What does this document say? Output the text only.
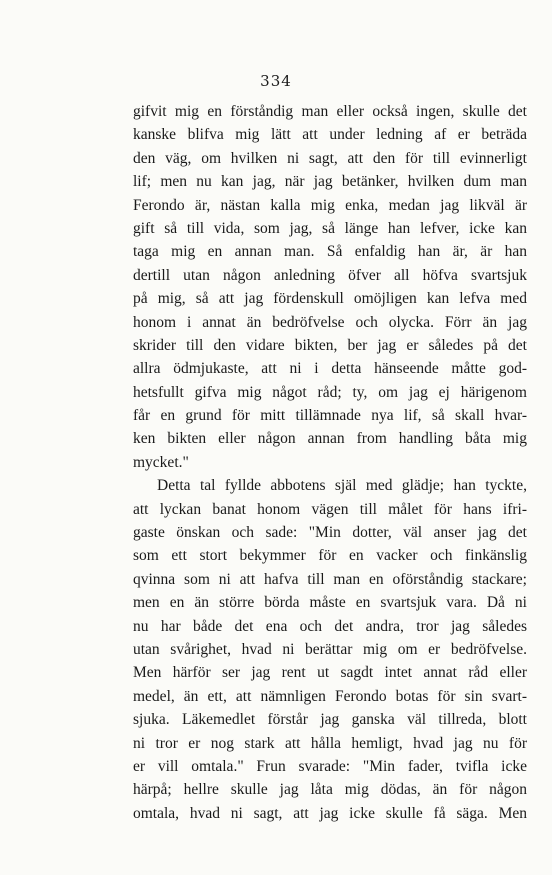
334
gifvit mig en förståndig man eller också ingen, skulle det
kanske blifva mig lätt att under ledning af er beträda
den väg, om hvilken ni sagt, att den för till evinnerligt
lif; men nu kan jag, när jag betänker, hvilken dum man
Ferondo är, nästan kalla mig enka, medan jag likväl är
gift så till vida, som jag, så länge han lefver, icke kan
taga mig en annan man. Så enfaldig han är, är han
dertill utan någon anledning öfver all höfva svartsjuk
på mig, så att jag fördenskull omöjligen kan lefva med
honom i annat än bedröfvelse och olycka. Förr än jag
skrider till den vidare bikten, ber jag er således på det
allra ödmjukaste, att ni i detta hänseende måtte god-
hetsfullt gifva mig något råd; ty, om jag ej härigenom
får en grund för mitt tillämnade nya lif, så skall hvar-
ken bikten eller någon annan from handling båta mig
mycket."
Detta tal fyllde abbotens själ med glädje; han tyckte,
att lyckan banat honom vägen till målet för hans ifri-
gaste önskan och sade: "Min dotter, väl anser jag det
som ett stort bekymmer för en vacker och finkänslig
qvinna som ni att hafva till man en oförståndig stackare;
men en än större börda måste en svartsjuk vara. Då ni
nu har både det ena och det andra, tror jag således
utan svårighet, hvad ni berättar mig om er bedröfvelse.
Men härför ser jag rent ut sagdt intet annat råd eller
medel, än ett, att nämnligen Ferondo botas för sin svart-
sjuka. Läkemedlet förstår jag ganska väl tillreda, blott
ni tror er nog stark att hålla hemligt, hvad jag nu för
er vill omtala." Frun svarade: "Min fader, tvifla icke
härpå; hellre skulle jag låta mig dödas, än för någon
omtala, hvad ni sagt, att jag icke skulle få säga. Men
